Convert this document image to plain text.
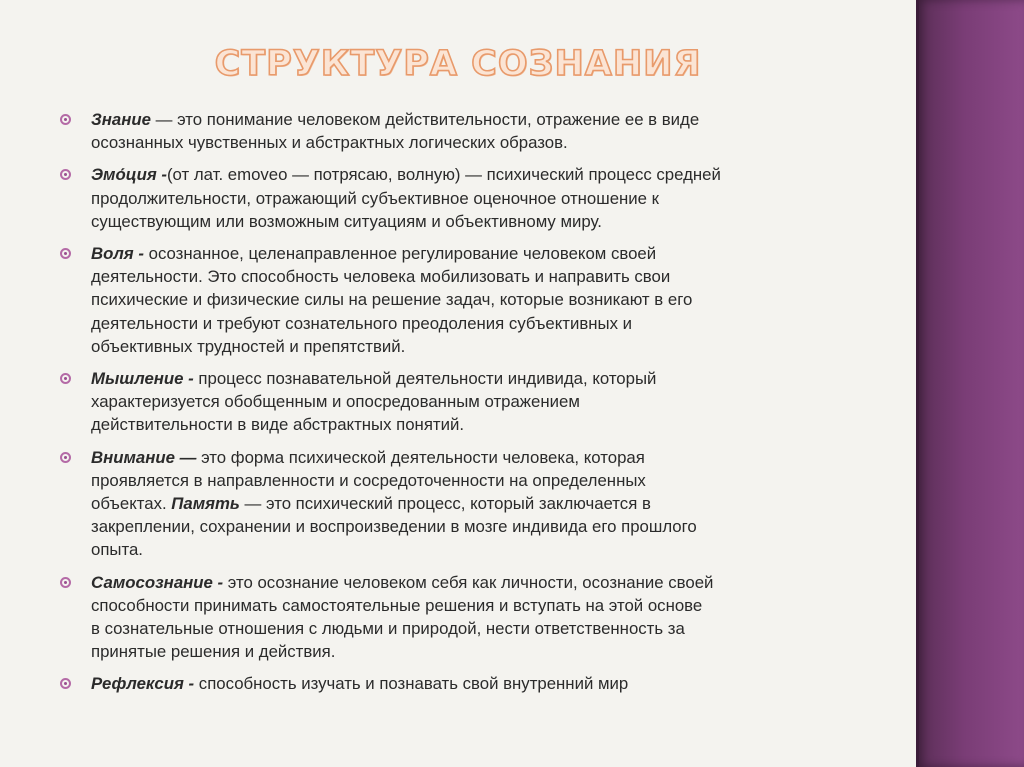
СТРУКТУРА СОЗНАНИЯ
Знание — это понимание человеком действительности, отражение ее в виде
осознанных чувственных и абстрактных логических образов.
Эмо́ция -(от лат. emoveo — потрясаю, волную) — психический процесс средней
продолжительности, отражающий субъективное оценочное отношение к
существующим или возможным ситуациям и объективному миру.
Воля - осознанное, целенаправленное регулирование человеком своей
деятельности. Это способность человека мобилизовать и направить свои
психические и физические силы на решение задач, которые возникают в его
деятельности и требуют сознательного преодоления субъективных и
объективных трудностей и препятствий.
Мышление - процесс познавательной деятельности индивида, который
характеризуется обобщенным и опосредованным отражением
действительности в виде абстрактных понятий.
Внимание — это форма психической деятельности человека, которая
проявляется в направленности и сосредоточенности на определенных
объектах. Память — это психический процесс, который заключается в
закреплении, сохранении и воспроизведении в мозге индивида его прошлого
опыта.
Самосознание - это осознание человеком себя как личности, осознание своей
способности принимать самостоятельные решения и вступать на этой основе
в сознательные отношения с людьми и природой, нести ответственность за
принятые решения и действия.
Рефлексия - способность изучать и познавать свой внутренний мир
